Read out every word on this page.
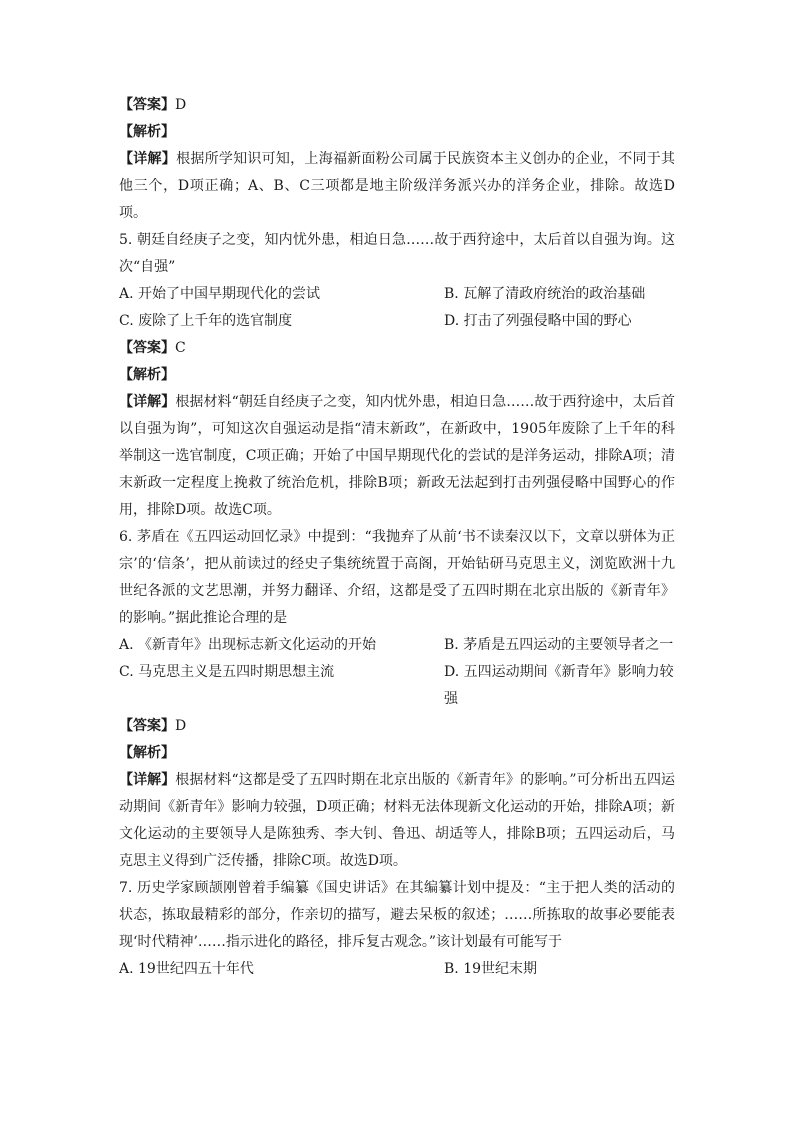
【答案】D
【解析】
【详解】根据所学知识可知，上海福新面粉公司属于民族资本主义创办的企业，不同于其他三个，D项正确；A、B、C三项都是地主阶级洋务派兴办的洋务企业，排除。故选D项。
5. 朝廷自经庚子之变，知内忧外患，相迫日急……故于西狩途中，太后首以自强为询。这次“自强”
A. 开始了中国早期现代化的尝试	B. 瓦解了清政府统治的政治基础
C. 废除了上千年的选官制度	D. 打击了列强侵略中国的野心
【答案】C
【解析】
【详解】根据材料“朝廷自经庚子之变，知内忧外患，相迫日急……故于西狩途中，太后首以自强为询”，可知这次自强运动是指“清末新政”，在新政中，1905年废除了上千年的科举制这一选官制度，C项正确；开始了中国早期现代化的尝试的是洋务运动，排除A项；清末新政一定程度上挽救了统治危机，排除B项；新政无法起到打击列强侵略中国野心的作用，排除D项。故选C项。
6. 茅盾在《五四运动回忆录》中提到：“我抛弃了从前‘书不读秦汉以下，文章以骈体为正宗’的‘信条’，把从前读过的经史子集统统置于高阁，开始钻研马克思主义，浏览欧洲十九世纪各派的文艺思潮，并努力翻译、介绍，这都是受了五四时期在北京出版的《新青年》的影响。”据此推论合理的是
A. 《新青年》出现标志新文化运动的开始	B. 茅盾是五四运动的主要领导者之一
C. 马克思主义是五四时期思想主流	D. 五四运动期间《新青年》影响力较强
【答案】D
【解析】
【详解】根据材料“这都是受了五四时期在北京出版的《新青年》的影响。”可分析出五四运动期间《新青年》影响力较强，D项正确；材料无法体现新文化运动的开始，排除A项；新文化运动的主要领导人是陈独秀、李大钊、鲁迅、胡适等人，排除B项；五四运动后，马克思主义得到广泛传播，排除C项。故选D项。
7. 历史学家顾颉刚曾着手编纂《国史讲话》在其编纂计划中提及：“主于把人类的活动的状态，拣取最精彩的部分，作亲切的描写，避去呆板的叙述；……所拣取的故事必要能表现‘时代精神’……指示进化的路径，排斥复古观念。”该计划最有可能写于
A. 19世纪四五十年代	B. 19世纪末期
